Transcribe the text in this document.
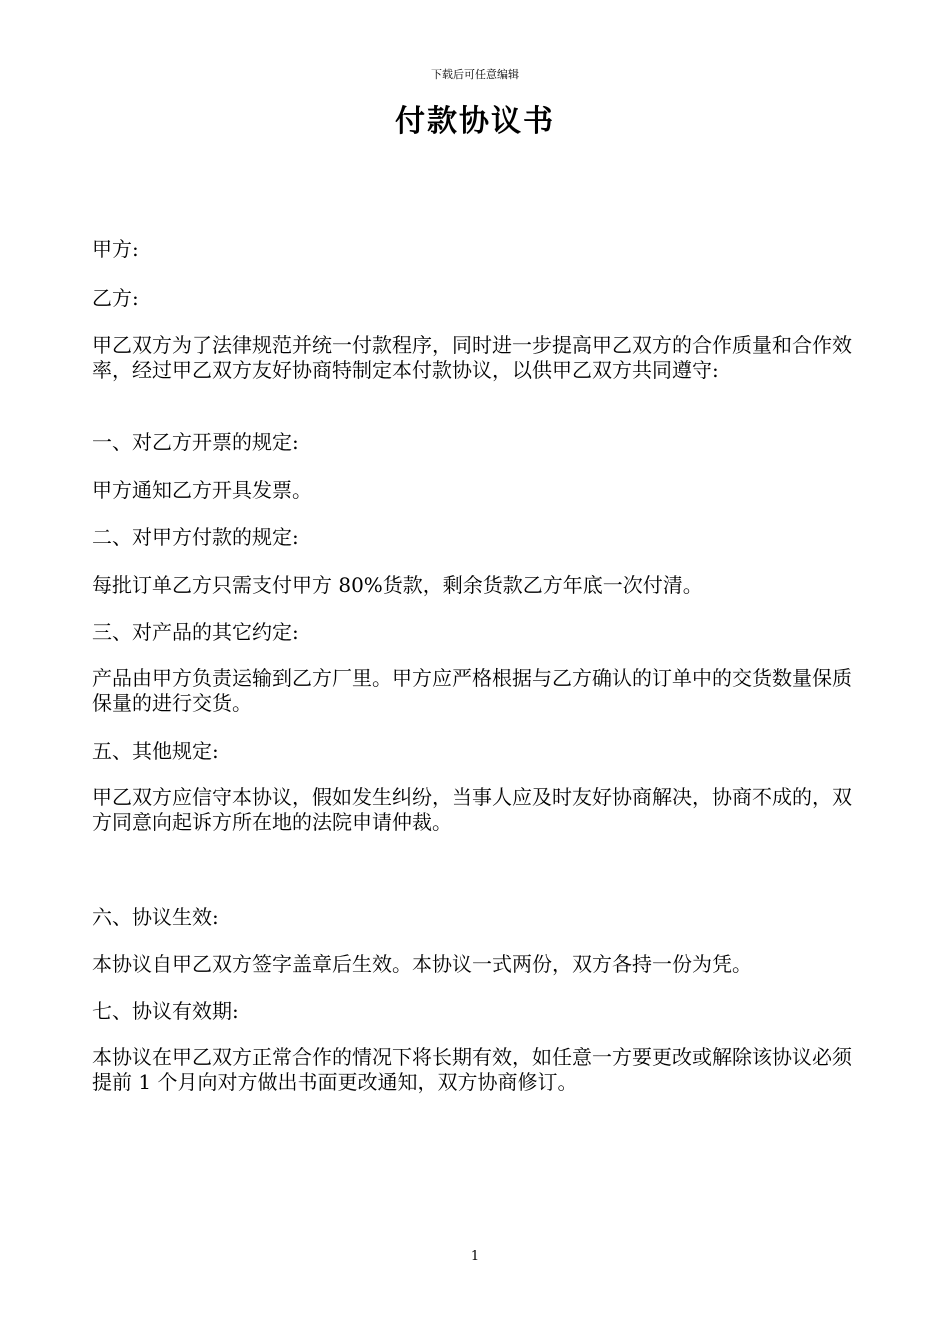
下载后可任意编辑
付款协议书

甲方:

乙方:

甲乙双方为了法律规范并统一付款程序，同时进一步提高甲乙双方的合作质量和合作效率，经过甲乙双方友好协商特制定本付款协议，以供甲乙双方共同遵守:

一、对乙方开票的规定:

甲方通知乙方开具发票。

二、对甲方付款的规定:

每批订单乙方只需支付甲方 80%货款，剩余货款乙方年底一次付清。

三、对产品的其它约定:

产品由甲方负责运输到乙方厂里。甲方应严格根据与乙方确认的订单中的交货数量保质保量的进行交货。

五、其他规定:

甲乙双方应信守本协议，假如发生纠纷，当事人应及时友好协商解决，协商不成的，双方同意向起诉方所在地的法院申请仲裁。

六、协议生效:

本协议自甲乙双方签字盖章后生效。本协议一式两份，双方各持一份为凭。

七、协议有效期:

本协议在甲乙双方正常合作的情况下将长期有效，如任意一方要更改或解除该协议必须提前 1 个月向对方做出书面更改通知，双方协商修订。

1
